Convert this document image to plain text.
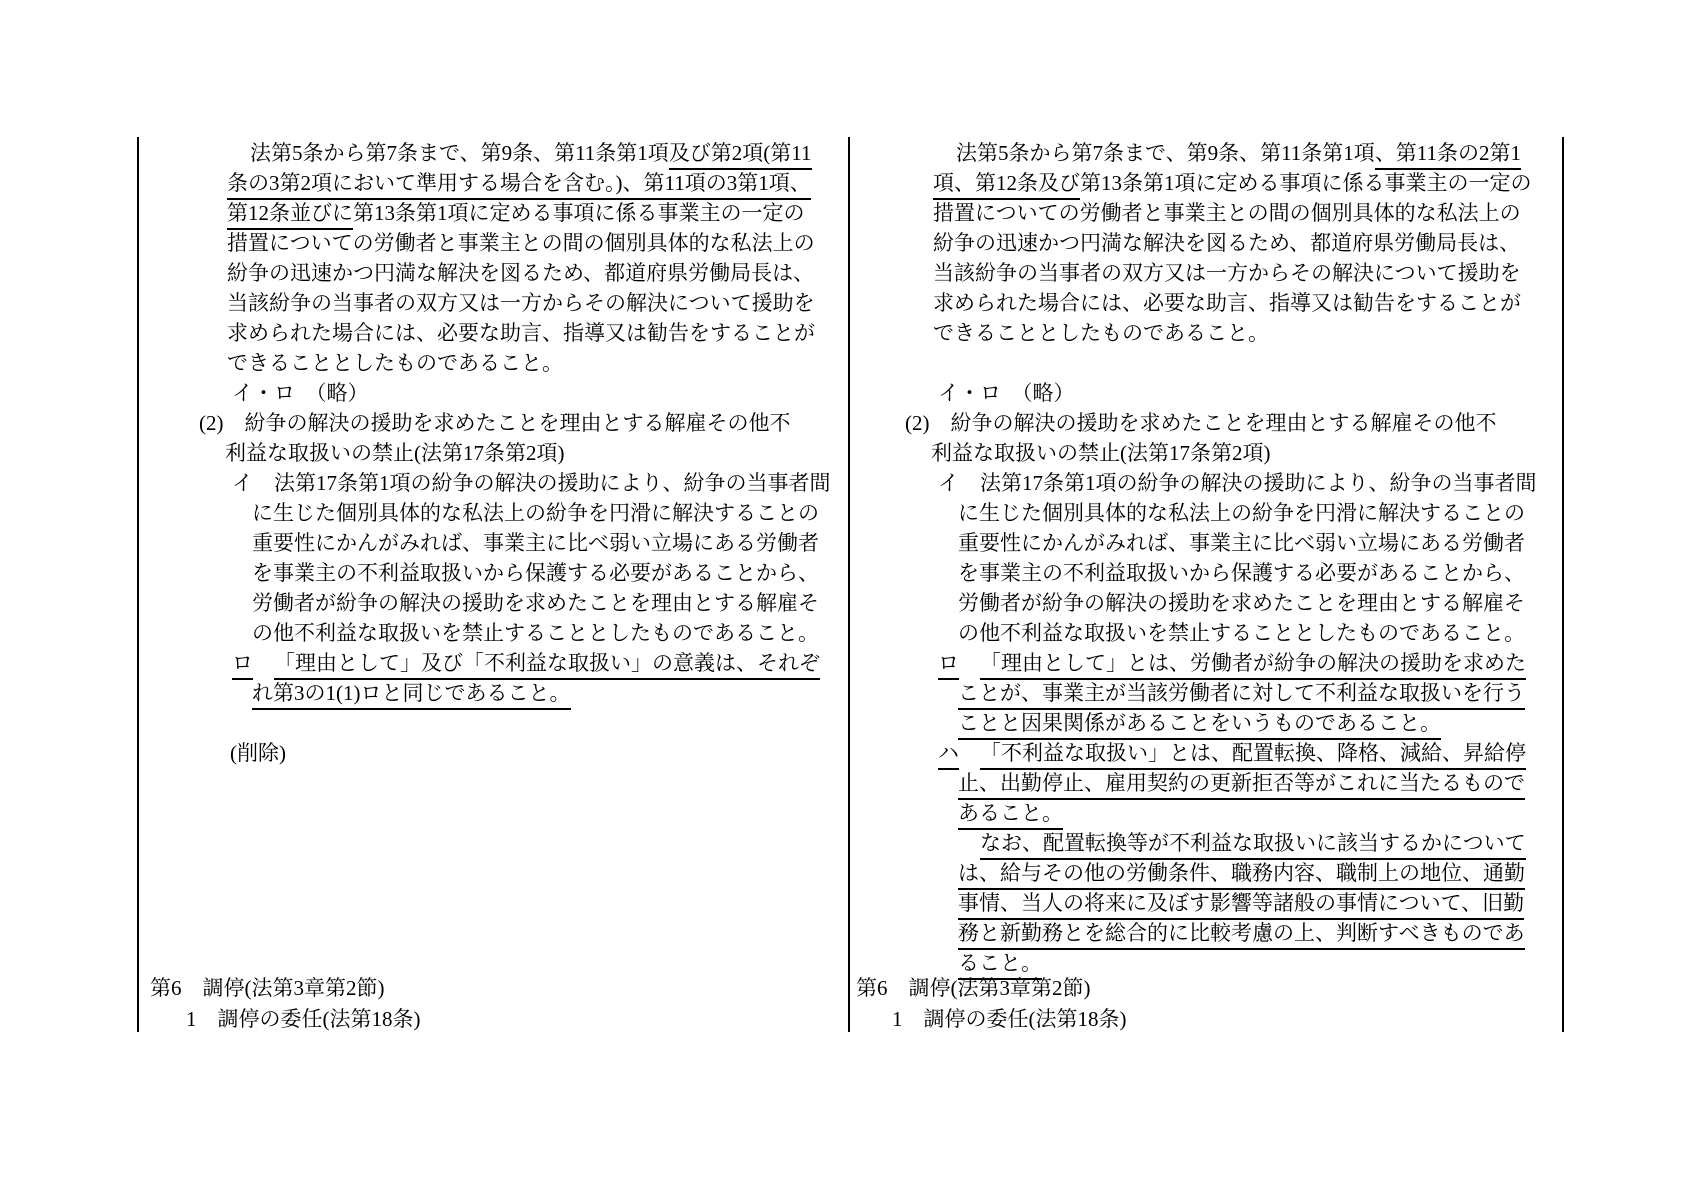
法第5条から第7条まで、第9条、第11条第1項及び第2項(第11
条の3第2項において準用する場合を含む。)、第11項の3第1項、
第12条並びに第13条第1項に定める事項に係る事業主の一定の
措置についての労働者と事業主との間の個別具体的な私法上の
紛争の迅速かつ円満な解決を図るため、都道府県労働局長は、
当該紛争の当事者の双方又は一方からその解決について援助を
求められた場合には、必要な助言、指導又は勧告をすることが
できることとしたものであること。
イ・ロ　（略）
(2)　紛争の解決の援助を求めたことを理由とする解雇その他不
利益な取扱いの禁止(法第17条第2項)
イ　法第17条第1項の紛争の解決の援助により、紛争の当事者間
に生じた個別具体的な私法上の紛争を円滑に解決することの
重要性にかんがみれば、事業主に比べ弱い立場にある労働者
を事業主の不利益取扱いから保護する必要があることから、
労働者が紛争の解決の援助を求めたことを理由とする解雇そ
の他不利益な取扱いを禁止することとしたものであること。
ロ　 「理由として」及び「不利益な取扱い」の意義は、それぞ
れ第3の1(1)ロと同じであること。
(削除)
第6　調停(法第3章第2節)
1　調停の委任(法第18条)
法第5条から第7条まで、第9条、第11条第1項、第11条の2第1
項、第12条及び第13条第1項に定める事項に係る事業主の一定の
措置についての労働者と事業主との間の個別具体的な私法上の
紛争の迅速かつ円満な解決を図るため、都道府県労働局長は、
当該紛争の当事者の双方又は一方からその解決について援助を
求められた場合には、必要な助言、指導又は勧告をすることが
できることとしたものであること。
イ・ロ　（略）
(2)　紛争の解決の援助を求めたことを理由とする解雇その他不
利益な取扱いの禁止(法第17条第2項)
イ　法第17条第1項の紛争の解決の援助により、紛争の当事者間
に生じた個別具体的な私法上の紛争を円滑に解決することの
重要性にかんがみれば、事業主に比べ弱い立場にある労働者
を事業主の不利益取扱いから保護する必要があることから、
労働者が紛争の解決の援助を求めたことを理由とする解雇そ
の他不利益な取扱いを禁止することとしたものであること。
ロ　 「理由として」とは、労働者が紛争の解決の援助を求めた
ことが、事業主が当該労働者に対して不利益な取扱いを行う
ことと因果関係があることをいうものであること。
ハ　 「不利益な取扱い」とは、配置転換、降格、減給、昇給停
止、出勤停止、雇用契約の更新拒否等がこれに当たるもので
あること。
なお、配置転換等が不利益な取扱いに該当するかについて
は、給与その他の労働条件、職務内容、職制上の地位、通勤
事情、当人の将来に及ぼす影響等諸般の事情について、旧勤
務と新勤務とを総合的に比較考慮の上、判断すべきものであ
ること。
第6　調停(法第3章第2節)
1　調停の委任(法第18条)
